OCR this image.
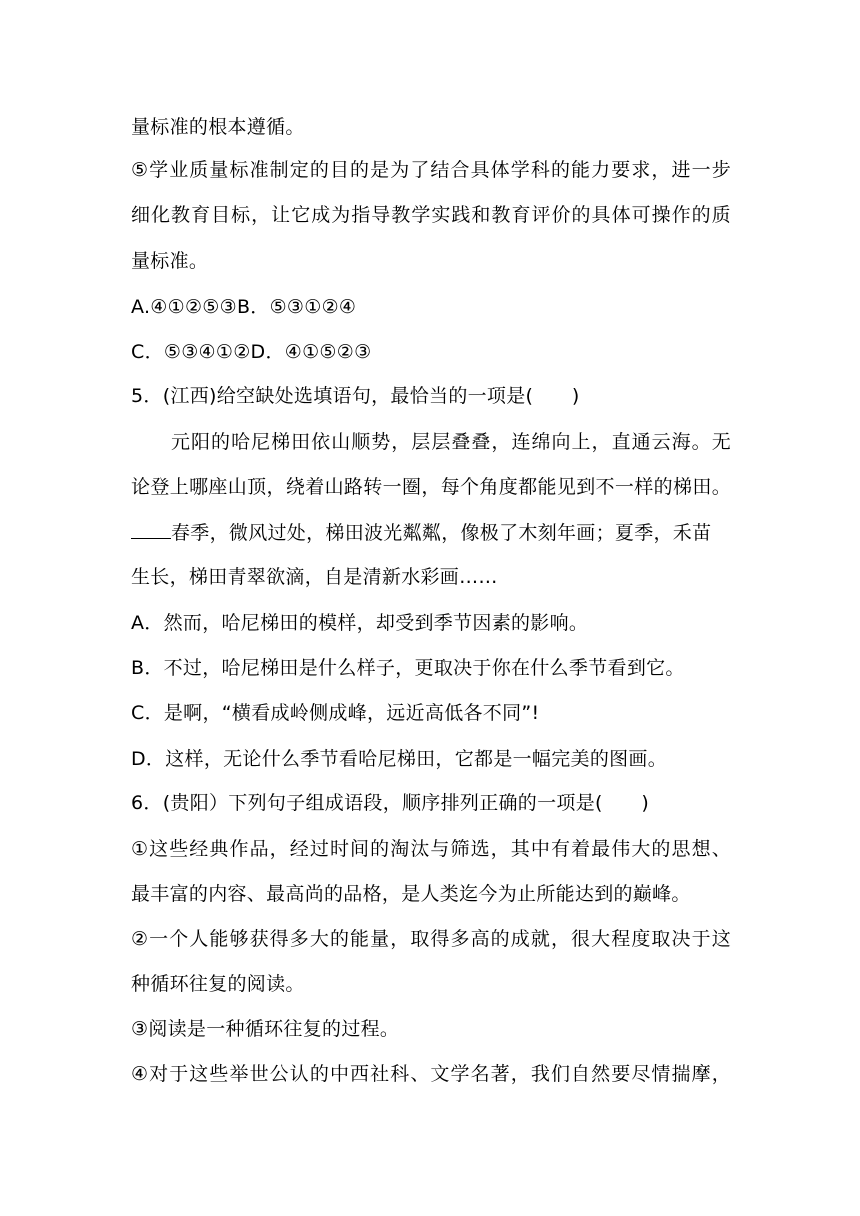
量标准的根本遵循。
⑤学业质量标准制定的目的是为了结合具体学科的能力要求，进一步
细化教育目标，让它成为指导教学实践和教育评价的具体可操作的质
量标准。
A.④①②⑤③B．⑤③①②④
C．⑤③④①②D．④①⑤②③
5．(江西)给空缺处选填语句，最恰当的一项是(　　)
元阳的哈尼梯田依山顺势，层层叠叠，连绵向上，直通云海。无
论登上哪座山顶，绕着山路转一圈，每个角度都能见到不一样的梯田。
春季，微风过处，梯田波光粼粼，像极了木刻年画；夏季，禾苗
生长，梯田青翠欲滴，自是清新水彩画……
A．然而，哈尼梯田的模样，却受到季节因素的影响。
B．不过，哈尼梯田是什么样子，更取决于你在什么季节看到它。
C．是啊，“横看成岭侧成峰，远近高低各不同”!
D．这样，无论什么季节看哈尼梯田，它都是一幅完美的图画。
6．(贵阳）下列句子组成语段，顺序排列正确的一项是(　　)
①这些经典作品，经过时间的淘汰与筛选，其中有着最伟大的思想、
最丰富的内容、最高尚的品格，是人类迄今为止所能达到的巅峰。
②一个人能够获得多大的能量，取得多高的成就，很大程度取决于这
种循环往复的阅读。
③阅读是一种循环往复的过程。
④对于这些举世公认的中西社科、文学名著，我们自然要尽情揣摩，
